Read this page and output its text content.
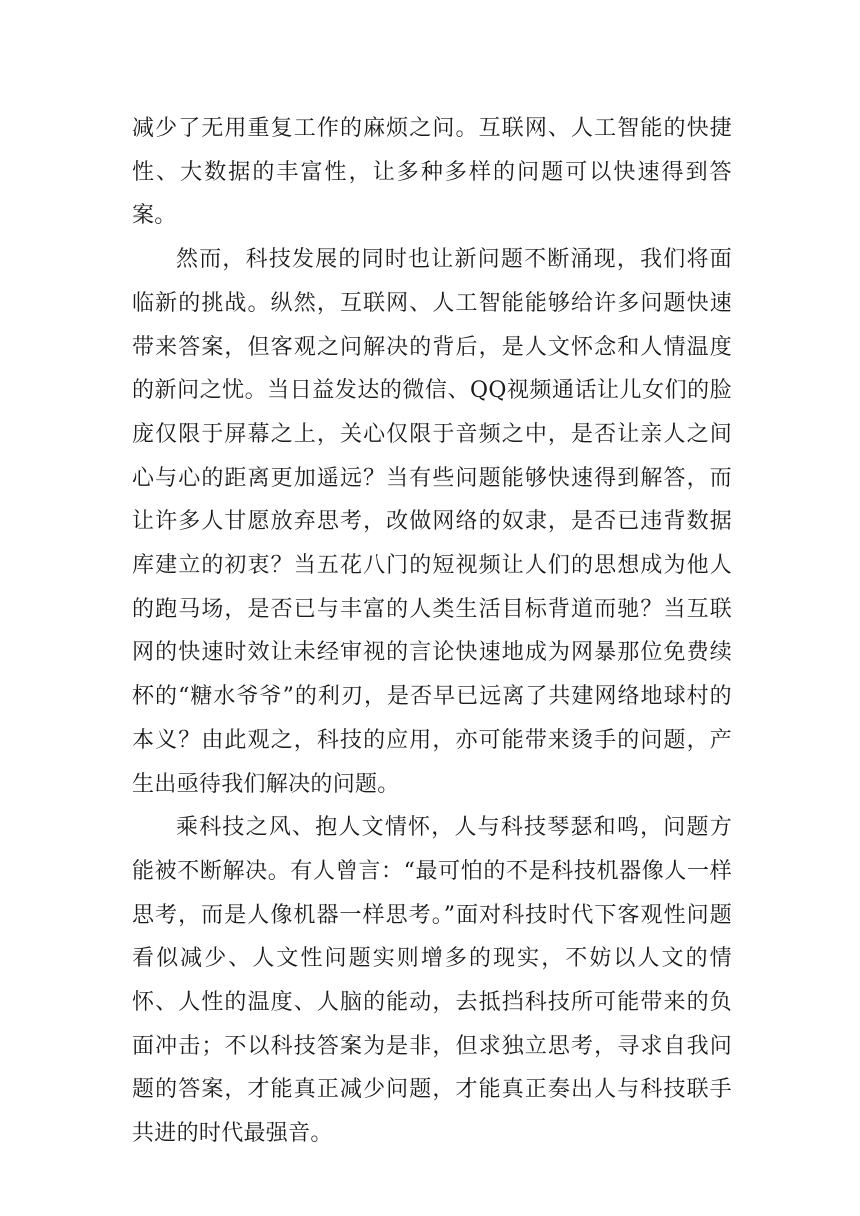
减少了无用重复工作的麻烦之问。互联网、人工智能的快捷性、大数据的丰富性，让多种多样的问题可以快速得到答案。

然而，科技发展的同时也让新问题不断涌现，我们将面临新的挑战。纵然，互联网、人工智能能够给许多问题快速带来答案，但客观之问解决的背后，是人文怀念和人情温度的新问之忧。当日益发达的微信、QQ视频通话让儿女们的脸庞仅限于屏幕之上，关心仅限于音频之中，是否让亲人之间心与心的距离更加遥远？当有些问题能够快速得到解答，而让许多人甘愿放弃思考，改做网络的奴隶，是否已违背数据库建立的初衷？当五花八门的短视频让人们的思想成为他人的跑马场，是否已与丰富的人类生活目标背道而驰？当互联网的快速时效让未经审视的言论快速地成为网暴那位免费续杯的“糖水爷爷”的利刃，是否早已远离了共建网络地球村的本义？由此观之，科技的应用，亦可能带来烫手的问题，产生出亟待我们解决的问题。

乘科技之风、抱人文情怀，人与科技琴瑟和鸣，问题方能被不断解决。有人曾言：“最可怕的不是科技机器像人一样思考，而是人像机器一样思考。”面对科技时代下客观性问题看似减少、人文性问题实则增多的现实，不妨以人文的情怀、人性的温度、人脑的能动，去抵挡科技所可能带来的负面冲击；不以科技答案为是非，但求独立思考，寻求自我问题的答案，才能真正减少问题，才能真正奏出人与科技联手共进的时代最强音。
